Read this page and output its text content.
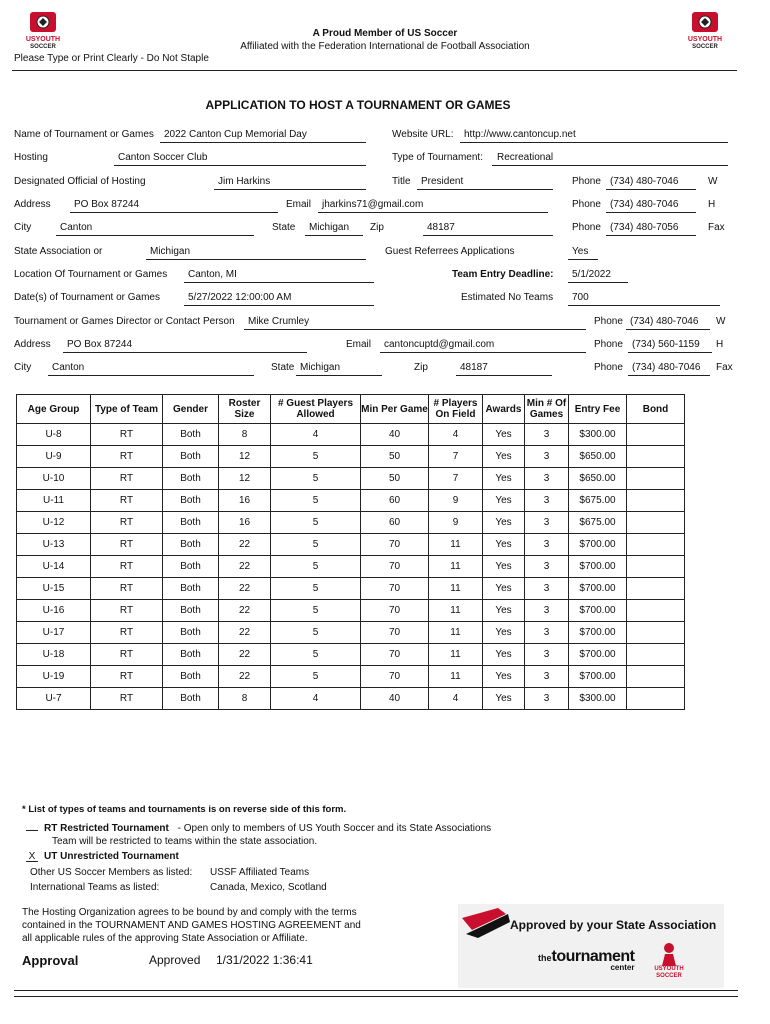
USYOUTH
SOCCER
USYOUTH
SOCCER
A Proud Member of US Soccer
Affiliated with the Federation International de Football Association
Please Type or Print Clearly - Do Not Staple
APPLICATION TO HOST A TOURNAMENT OR GAMES
Name of Tournament or Games 2022 Canton Cup Memorial Day	Website URL: http://www.cantoncup.net
Hosting	Canton Soccer Club	Type of Tournament: Recreational
Designated Official of Hosting	Jim Harkins	Title President	Phone (734) 480-7046	W
Address PO Box 87244	Email jharkins71@gmail.com	Phone (734) 480-7046	H
City	Canton	State Michigan Zip	48187	Phone (734) 480-7056	Fax
State Association or	Michigan	Guest Referrees Applications	Yes
Location Of Tournament or Games Canton, MI	Team Entry Deadline: 5/1/2022
Date(s) of Tournament or Games	5/27/2022 12:00:00 AM	Estimated No Teams 700
Tournament or Games Director or Contact Person Mike Crumley	Phone (734) 480-7046 W
Address PO Box 87244	Email cantoncuptd@gmail.com	Phone (734) 560-1159 H
City Canton	State Michigan	Zip	48187	Phone (734) 480-7046 Fax
Age Group	Type of Team	Gender	Roster Size	# Guest Players Allowed	Min Per Game	# Players On Field	Awards	Min # Of Games	Entry Fee	Bond
U-8	RT	Both	8	4	40	4	Yes	3	$300.00	
U-9	RT	Both	12	5	50	7	Yes	3	$650.00	
U-10	RT	Both	12	5	50	7	Yes	3	$650.00	
U-11	RT	Both	16	5	60	9	Yes	3	$675.00	
U-12	RT	Both	16	5	60	9	Yes	3	$675.00	
U-13	RT	Both	22	5	70	11	Yes	3	$700.00	
U-14	RT	Both	22	5	70	11	Yes	3	$700.00	
U-15	RT	Both	22	5	70	11	Yes	3	$700.00	
U-16	RT	Both	22	5	70	11	Yes	3	$700.00	
U-17	RT	Both	22	5	70	11	Yes	3	$700.00	
U-18	RT	Both	22	5	70	11	Yes	3	$700.00	
U-19	RT	Both	22	5	70	11	Yes	3	$700.00	
U-7	RT	Both	8	4	40	4	Yes	3	$300.00	
* List of types of teams and tournaments is on reverse side of this form.
RT Restricted Tournament - Open only to members of US Youth Soccer and its State Associations
Team will be restricted to teams within the state association.
X UT Unrestricted Tournament
Other US Soccer Members as listed: USSF Affiliated Teams
International Teams as listed:	Canada, Mexico, Scotland
The Hosting Organization agrees to be bound by and comply with the terms contained in the TOURNAMENT AND GAMES HOSTING AGREEMENT and all applicable rules of the approving State Association or Affiliate.
Approval	Approved 1/31/2022 1:36:41
Approved by your State Association
thetournament
center	USYOUTH SOCCER
